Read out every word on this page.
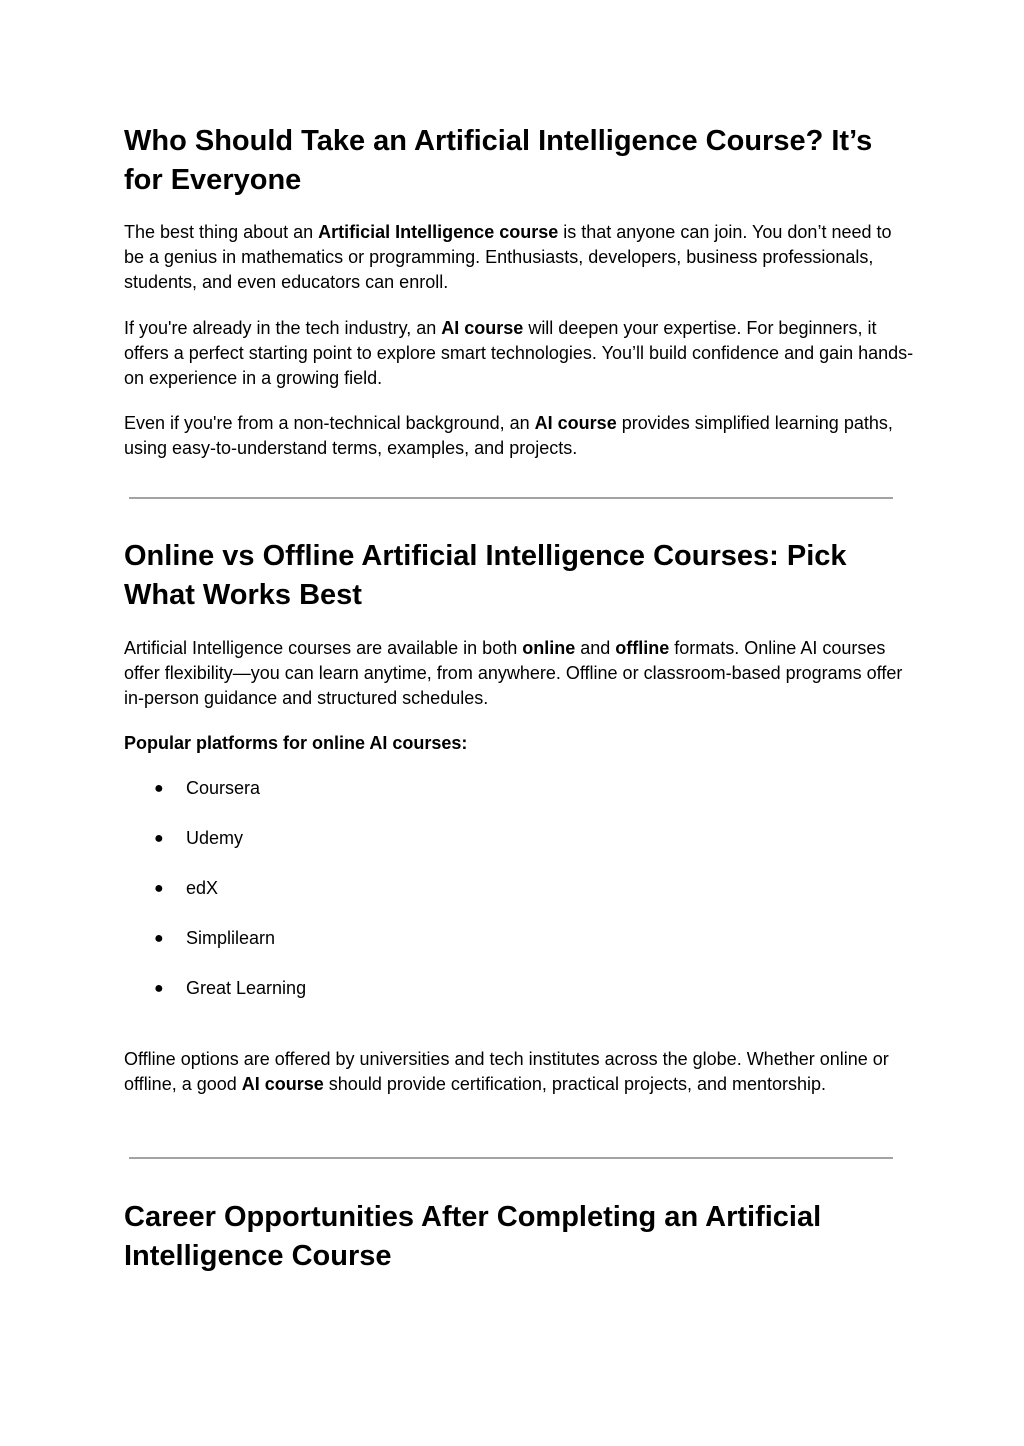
Who Should Take an Artificial Intelligence Course? It’s for Everyone

The best thing about an Artificial Intelligence course is that anyone can join. You don’t need to be a genius in mathematics or programming. Enthusiasts, developers, business professionals, students, and even educators can enroll.

If you're already in the tech industry, an AI course will deepen your expertise. For beginners, it offers a perfect starting point to explore smart technologies. You’ll build confidence and gain hands-on experience in a growing field.

Even if you're from a non-technical background, an AI course provides simplified learning paths, using easy-to-understand terms, examples, and projects.

Online vs Offline Artificial Intelligence Courses: Pick What Works Best

Artificial Intelligence courses are available in both online and offline formats. Online AI courses offer flexibility—you can learn anytime, from anywhere. Offline or classroom-based programs offer in-person guidance and structured schedules.

Popular platforms for online AI courses:

● Coursera
● Udemy
● edX
● Simplilearn
● Great Learning

Offline options are offered by universities and tech institutes across the globe. Whether online or offline, a good AI course should provide certification, practical projects, and mentorship.

Career Opportunities After Completing an Artificial Intelligence Course
